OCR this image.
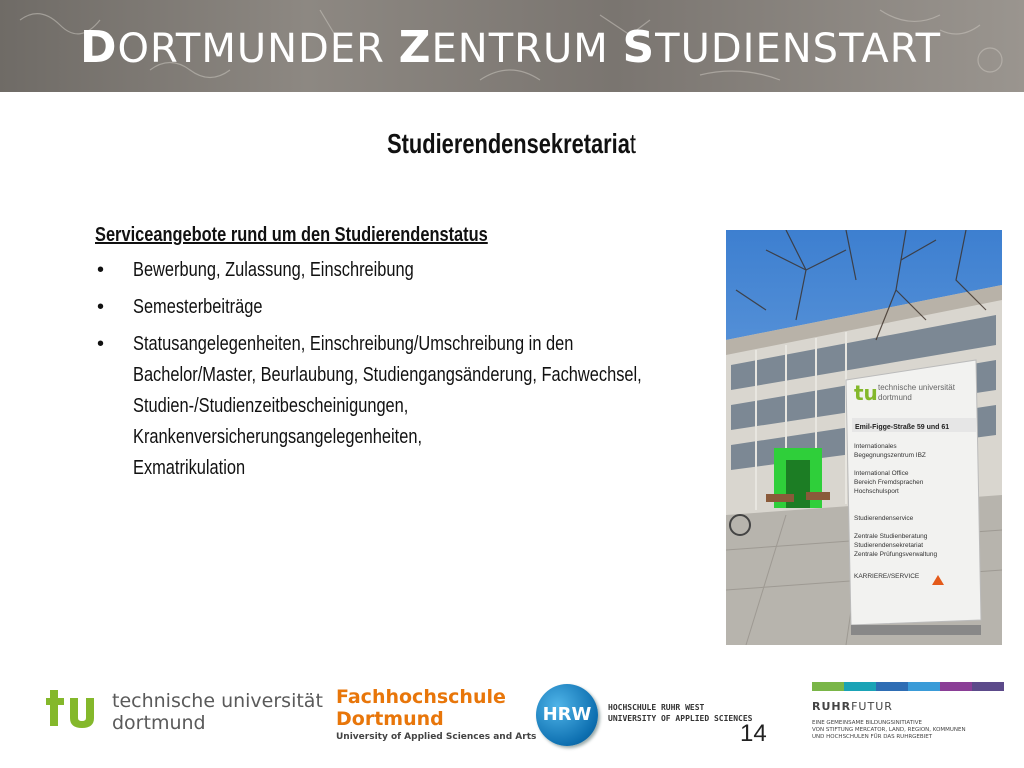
DORTMUNDER ZENTRUM STUDIENSTART
Studierendensekretariat
Serviceangebote rund um den Studierendenstatus
• Bewerbung, Zulassung, Einschreibung
• Semesterbeiträge
• Statusangelegenheiten, Einschreibung/Umschreibung in den
Bachelor/Master, Beurlaubung, Studiengangsänderung, Fachwechsel,
Studien-/Studienzeitbescheinigungen,
Krankenversicherungsangelegenheiten,
Exmatrikulation
tu technische universität
dortmund
Emil-Figge-Straße 59 und 61
Internationales
Begegnungszentrum IBZ
International Office
Bereich Fremdsprachen
Hochschulsport
Studierendenservice
Zentrale Studienberatung
Studierendensekretariat
Zentrale Prüfungsverwaltung
KARRIERE//SERVICE
technische universität
dortmund
Fachhochschule
Dortmund
University of Applied Sciences and Arts
HRW	HOCHSCHULE RUHR WEST
UNIVERSITY OF APPLIED SCIENCES
14
RUHRFUTUR
EINE GEMEINSAME BILDUNGSINITIATIVE
VON STIFTUNG MERCATOR, LAND, REGION, KOMMUNEN
UND HOCHSCHULEN FÜR DAS RUHRGEBIET
